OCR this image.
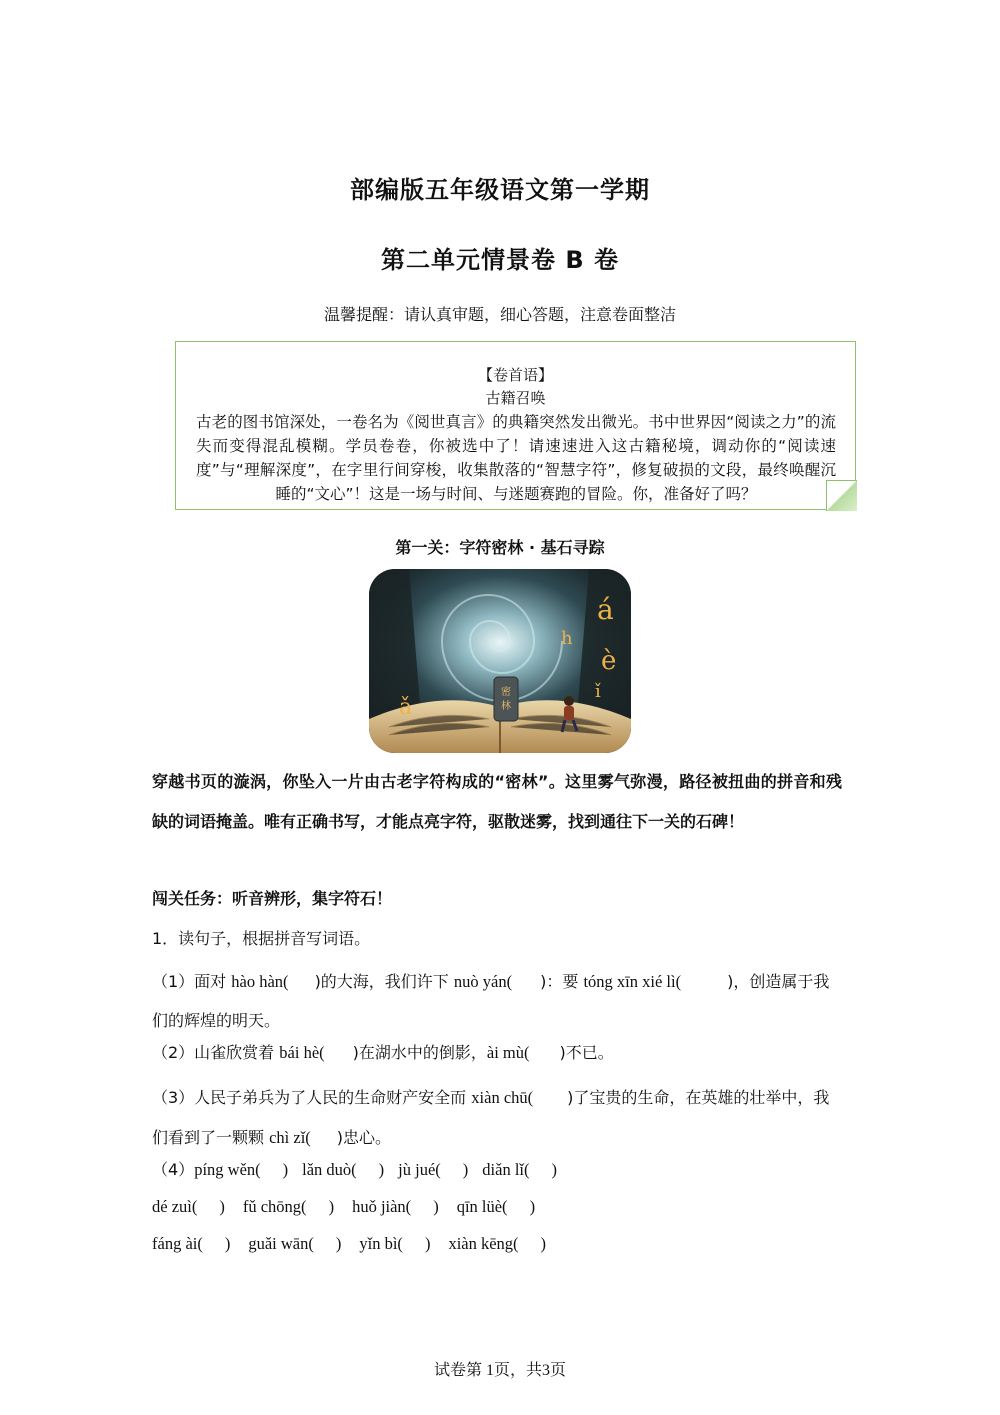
部编版五年级语文第一学期
第二单元情景卷 B 卷
温馨提醒：请认真审题，细心答题，注意卷面整洁
【卷首语】
古籍召唤
古老的图书馆深处，一卷名为《阅世真言》的典籍突然发出微光。书中世界因“阅读之力”的流失而变得混乱模糊。学员卷卷，你被选中了！请速速进入这古籍秘境，调动你的“阅读速度”与“理解深度”，在字里行间穿梭，收集散落的“智慧字符”，修复破损的文段，最终唤醒沉睡的“文心”！这是一场与时间、与迷题赛跑的冒险。你，准备好了吗？
第一关：字符密林 · 基石寻踪
密
林
á
è
ǎ
h
ǐ
穿越书页的漩涡，你坠入一片由古老字符构成的“密林”。这里雾气弥漫，路径被扭曲的拼音和残缺的词语掩盖。唯有正确书写，才能点亮字符，驱散迷雾，找到通往下一关的石碑！
闯关任务：听音辨形，集字符石！
1．读句子，根据拼音写词语。
（1）面对 hào hàn( )的大海，我们许下 nuò yán( )：要 tóng xīn xié lì(	)，创造属于我们的辉煌的明天。
（2）山雀欣赏着 bái hè( )在湖水中的倒影，ài mù( )不已。
（3）人民子弟兵为了人民的生命财产安全而 xiàn chū( )了宝贵的生命，在英雄的壮举中，我们看到了一颗颗 chì zǐ( )忠心。
（4）píng wěn( ) lǎn duò( ) jù jué( ) diǎn lǐ( )
dé zuì( ) fǔ chōng( ) huǒ jiàn( ) qīn lüè( )
fáng ài( ) guǎi wān( ) yǐn bì( ) xiàn kēng( )
试卷第 1页，共3页
